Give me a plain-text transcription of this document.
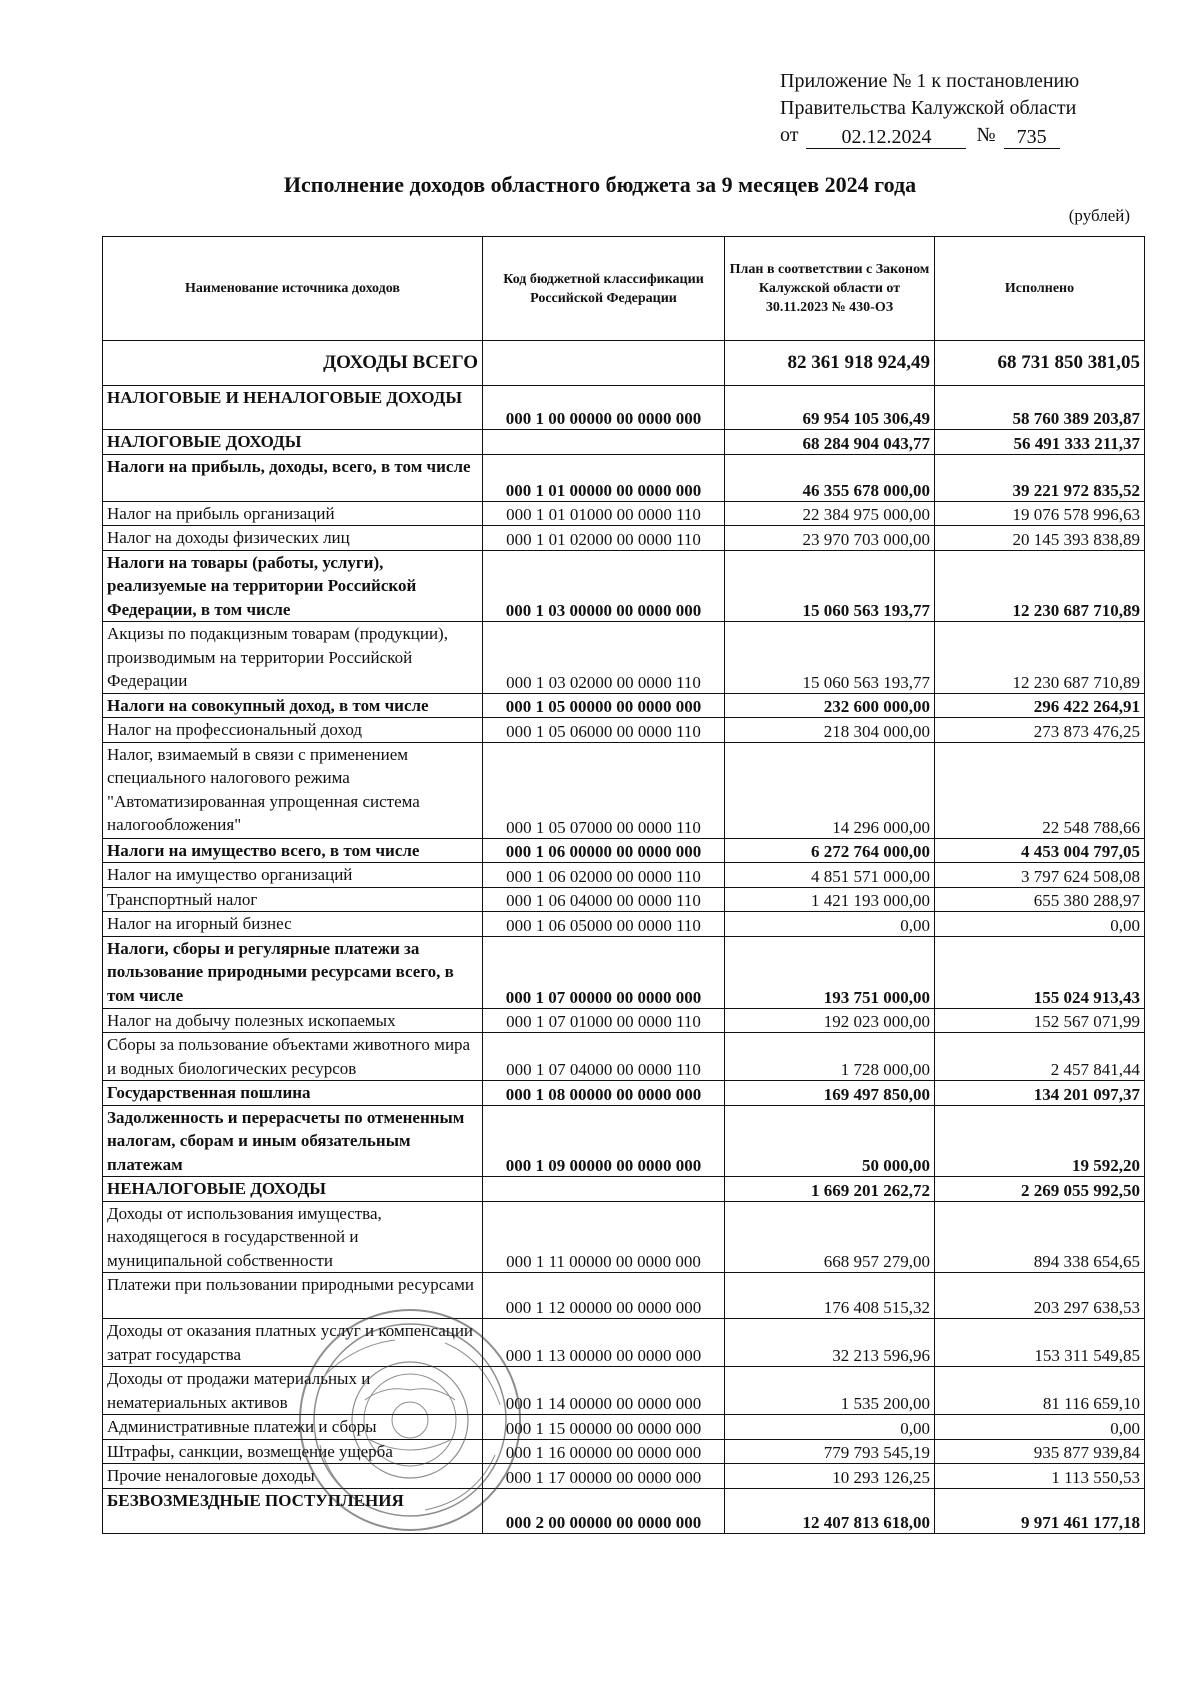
Приложение № 1 к постановлению
Правительства Калужской области
от	02.12.2024	№	735
Исполнение доходов областного бюджета за 9 месяцев 2024 года
(рублей)
Наименование источника доходов	Код бюджетной классификации Российской Федерации	План в соответствии с Законом Калужской области от 30.11.2023 № 430-ОЗ	Исполнено
ДОХОДЫ ВСЕГО		82 361 918 924,49	68 731 850 381,05
НАЛОГОВЫЕ И НЕНАЛОГОВЫЕ ДОХОДЫ	000 1 00 00000 00 0000 000	69 954 105 306,49	58 760 389 203,87
НАЛОГОВЫЕ ДОХОДЫ		68 284 904 043,77	56 491 333 211,37
Налоги на прибыль, доходы, всего, в том числе	000 1 01 00000 00 0000 000	46 355 678 000,00	39 221 972 835,52
Налог на прибыль организаций	000 1 01 01000 00 0000 110	22 384 975 000,00	19 076 578 996,63
Налог на доходы физических лиц	000 1 01 02000 00 0000 110	23 970 703 000,00	20 145 393 838,89
Налоги на товары (работы, услуги), реализуемые на территории Российской Федерации, в том числе	000 1 03 00000 00 0000 000	15 060 563 193,77	12 230 687 710,89
Акцизы по подакцизным товарам (продукции), производимым на территории Российской Федерации	000 1 03 02000 00 0000 110	15 060 563 193,77	12 230 687 710,89
Налоги на совокупный доход, в том числе	000 1 05 00000 00 0000 000	232 600 000,00	296 422 264,91
Налог на профессиональный доход	000 1 05 06000 00 0000 110	218 304 000,00	273 873 476,25
Налог, взимаемый в связи с применением специального налогового режима "Автоматизированная упрощенная система налогообложения"	000 1 05 07000 00 0000 110	14 296 000,00	22 548 788,66
Налоги на имущество всего, в том числе	000 1 06 00000 00 0000 000	6 272 764 000,00	4 453 004 797,05
Налог на имущество организаций	000 1 06 02000 00 0000 110	4 851 571 000,00	3 797 624 508,08
Транспортный налог	000 1 06 04000 00 0000 110	1 421 193 000,00	655 380 288,97
Налог на игорный бизнес	000 1 06 05000 00 0000 110	0,00	0,00
Налоги, сборы и регулярные платежи за пользование природными ресурсами всего, в том числе	000 1 07 00000 00 0000 000	193 751 000,00	155 024 913,43
Налог на добычу полезных ископаемых	000 1 07 01000 00 0000 110	192 023 000,00	152 567 071,99
Сборы за пользование объектами животного мира и водных биологических ресурсов	000 1 07 04000 00 0000 110	1 728 000,00	2 457 841,44
Государственная пошлина	000 1 08 00000 00 0000 000	169 497 850,00	134 201 097,37
Задолженность и перерасчеты по отмененным налогам, сборам и иным обязательным платежам	000 1 09 00000 00 0000 000	50 000,00	19 592,20
НЕНАЛОГОВЫЕ ДОХОДЫ		1 669 201 262,72	2 269 055 992,50
Доходы от использования имущества, находящегося в государственной и муниципальной собственности	000 1 11 00000 00 0000 000	668 957 279,00	894 338 654,65
Платежи при пользовании природными ресурсами	000 1 12 00000 00 0000 000	176 408 515,32	203 297 638,53
Доходы от оказания платных услуг и компенсации затрат государства	000 1 13 00000 00 0000 000	32 213 596,96	153 311 549,85
Доходы от продажи материальных и нематериальных активов	000 1 14 00000 00 0000 000	1 535 200,00	81 116 659,10
Административные платежи и сборы	000 1 15 00000 00 0000 000	0,00	0,00
Штрафы, санкции, возмещение ущерба	000 1 16 00000 00 0000 000	779 793 545,19	935 877 939,84
Прочие неналоговые доходы	000 1 17 00000 00 0000 000	10 293 126,25	1 113 550,53
БЕЗВОЗМЕЗДНЫЕ ПОСТУПЛЕНИЯ	000 2 00 00000 00 0000 000	12 407 813 618,00	9 971 461 177,18
